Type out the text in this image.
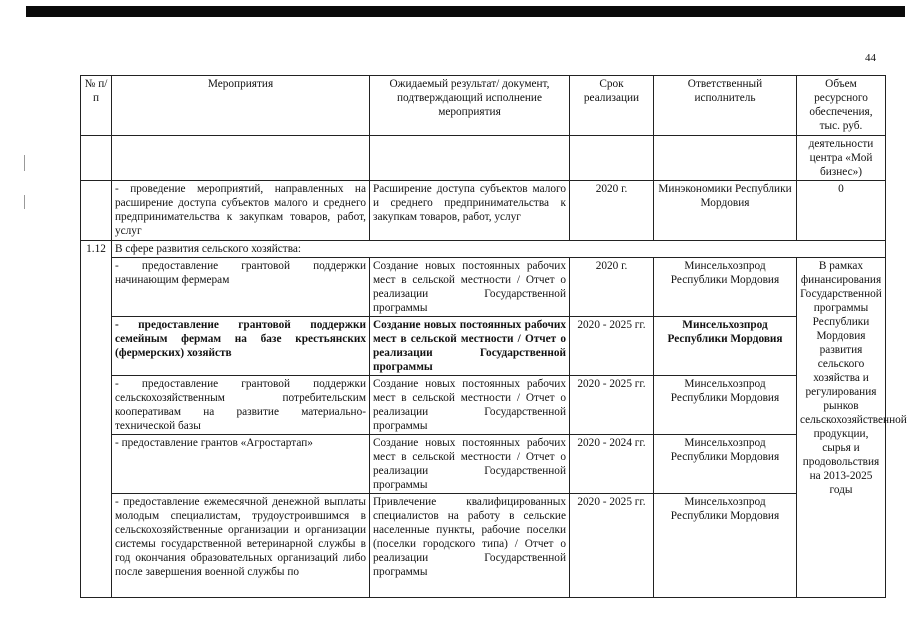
44
№ п/п	Мероприятия	Ожидаемый результат/ документ, подтверждающий исполнение мероприятия	Срок реализации	Ответственный исполнитель	Объем ресурсного обеспечения, тыс. руб.
					деятельности центра «Мой бизнес»)
	- проведение мероприятий, направленных на расширение доступа субъектов малого и среднего предпринимательства к закупкам товаров, работ, услуг	Расширение доступа субъектов малого и среднего предпринимательства к закупкам товаров, работ, услуг	2020 г.	Минэкономики Республики Мордовия	0
1.12	В сфере развития сельского хозяйства:				
	- предоставление грантовой поддержки начинающим фермерам	Создание новых постоянных рабочих мест в сельской местности / Отчет о реализации Государственной программы	2020 г.	Минсельхозпрод Республики Мордовия	В рамках финансирования Государственной программы Республики Мордовия развития сельского хозяйства и регулирования рынков сельскохозяйственной продукции, сырья и продовольствия на 2013-2025 годы
	- предоставление грантовой поддержки семейным фермам на базе крестьянских (фермерских) хозяйств	Создание новых постоянных рабочих мест в сельской местности / Отчет о реализации Государственной программы	2020 - 2025 гг.	Минсельхозпрод Республики Мордовия	
	- предоставление грантовой поддержки сельскохозяйственным потребительским кооперативам на развитие материально-технической базы	Создание новых постоянных рабочих мест в сельской местности / Отчет о реализации Государственной программы	2020 - 2025 гг.	Минсельхозпрод Республики Мордовия	
	- предоставление грантов «Агростартап»	Создание новых постоянных рабочих мест в сельской местности / Отчет о реализации Государственной программы	2020 - 2024 гг.	Минсельхозпрод Республики Мордовия	
	- предоставление ежемесячной денежной выплаты молодым специалистам, трудоустроившимся в сельскохозяйственные организации и организации системы государственной ветеринарной службы в год окончания образовательных организаций либо после завершения военной службы по	Привлечение квалифицированных специалистов на работу в сельские населенные пункты, рабочие поселки (поселки городского типа) / Отчет о реализации Государственной программы	2020 - 2025 гг.	Минсельхозпрод Республики Мордовия	
